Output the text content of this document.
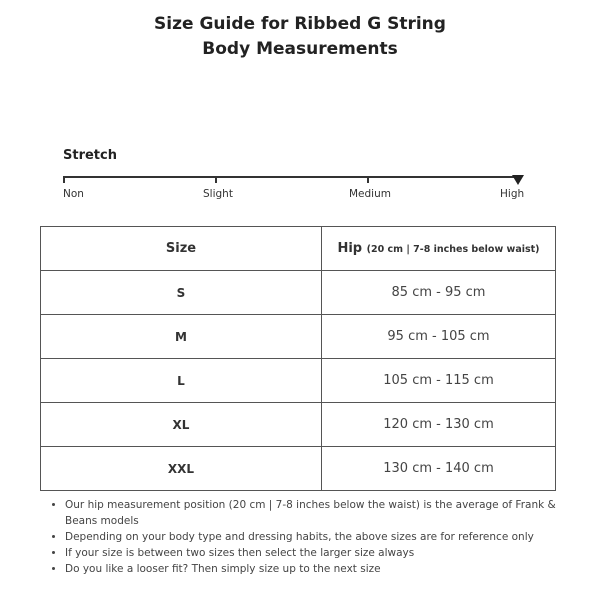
Size Guide for Ribbed G String
Body Measurements
Stretch
Non	Slight	Medium	High
Size	Hip (20 cm | 7-8 inches below waist)
S	85 cm - 95 cm
M	95 cm - 105 cm
L	105 cm - 115 cm
XL	120 cm - 130 cm
XXL	130 cm - 140 cm
• Our hip measurement position (20 cm | 7-8 inches below the waist) is the average of Frank & Beans models
• Depending on your body type and dressing habits, the above sizes are for reference only
• If your size is between two sizes then select the larger size always
• Do you like a looser fit? Then simply size up to the next size
